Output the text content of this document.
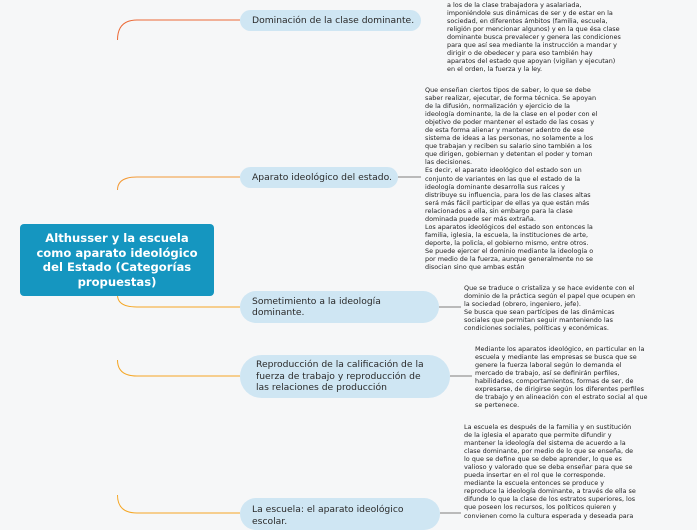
Althusser y la escuela como aparato ideológico del Estado (Categorías propuestas)
Dominación de la clase dominante.
a los de la clase trabajadora y asalariada,
imponiéndole sus dinámicas de ser y de estar en la
sociedad, en diferentes ámbitos (familia, escuela,
religión por mencionar algunos) y en la que ésa clase
dominante busca prevalecer y genera las condiciones
para que así sea mediante la instrucción a mandar y
dirigir o de obedecer y para eso también hay
aparatos del estado que apoyan (vigilan y ejecutan)
en el orden, la fuerza y la ley.
Aparato ideológico del estado.
Que enseñan ciertos tipos de saber, lo que se debe
saber realizar, ejecutar, de forma técnica. Se apoyan
de la difusión, normalización y ejercicio de la
ideología dominante, la de la clase en el poder con el
objetivo de poder mantener el estado de las cosas y
de esta forma alienar y mantener adentro de ese
sistema de ideas a las personas, no solamente a los
que trabajan y reciben su salario sino también a los
que dirigen, gobiernan y detentan el poder y toman
las decisiones.
Es decir, el aparato ideológico del estado son un
conjunto de variantes en las que el estado de la
ideología dominante desarrolla sus raíces y
distribuye su influencia, para los de las clases altas
será más fácil participar de ellas ya que están más
relacionados a ella, sin embargo para la clase
dominada puede ser más extraña.
Los aparatos ideológicos del estado son entonces la
familia, iglesia, la escuela, la instituciones de arte,
deporte, la policía, el gobierno mismo, entre otros.
Se puede ejercer el dominio mediante la ideología o
por medio de la fuerza, aunque generalmente no se
disocian sino que ambas están
Sometimiento a la ideología dominante.
Que se traduce o cristaliza y se hace evidente con el
dominio de la práctica según el papel que ocupen en
la sociedad (obrero, ingeniero, jefe).
Se busca que sean partícipes de las dinámicas
sociales que permitan seguir manteniendo las
condiciones sociales, políticas y económicas.
Reproducción de la calificación de la fuerza de trabajo y reproducción de las relaciones de producción
Mediante los aparatos ideológico, en particular en la
escuela y mediante las empresas se busca que se
genere la fuerza laboral según lo demanda el
mercado de trabajo, así se definirán perfiles,
habilidades, comportamientos, formas de ser, de
expresarse, de dirigirse según los diferentes perfiles
de trabajo y en alineación con el estrato social al que
se pertenece.
La escuela: el aparato ideológico escolar.
La escuela es después de la familia y en sustitución
de la iglesia el aparato que permite difundir y
mantener la ideología del sistema de acuerdo a la
clase dominante, por medio de lo que se enseña, de
lo que se define que se debe aprender, lo que es
valioso y valorado que se deba enseñar para que se
pueda insertar en el rol que le corresponde.
mediante la escuela entonces se produce y
reproduce la ideología dominante, a través de ella se
difunde lo que la clase de los estratos superiores, los
que poseen los recursos, los políticos quieren y
convienen como la cultura esperada y deseada para
